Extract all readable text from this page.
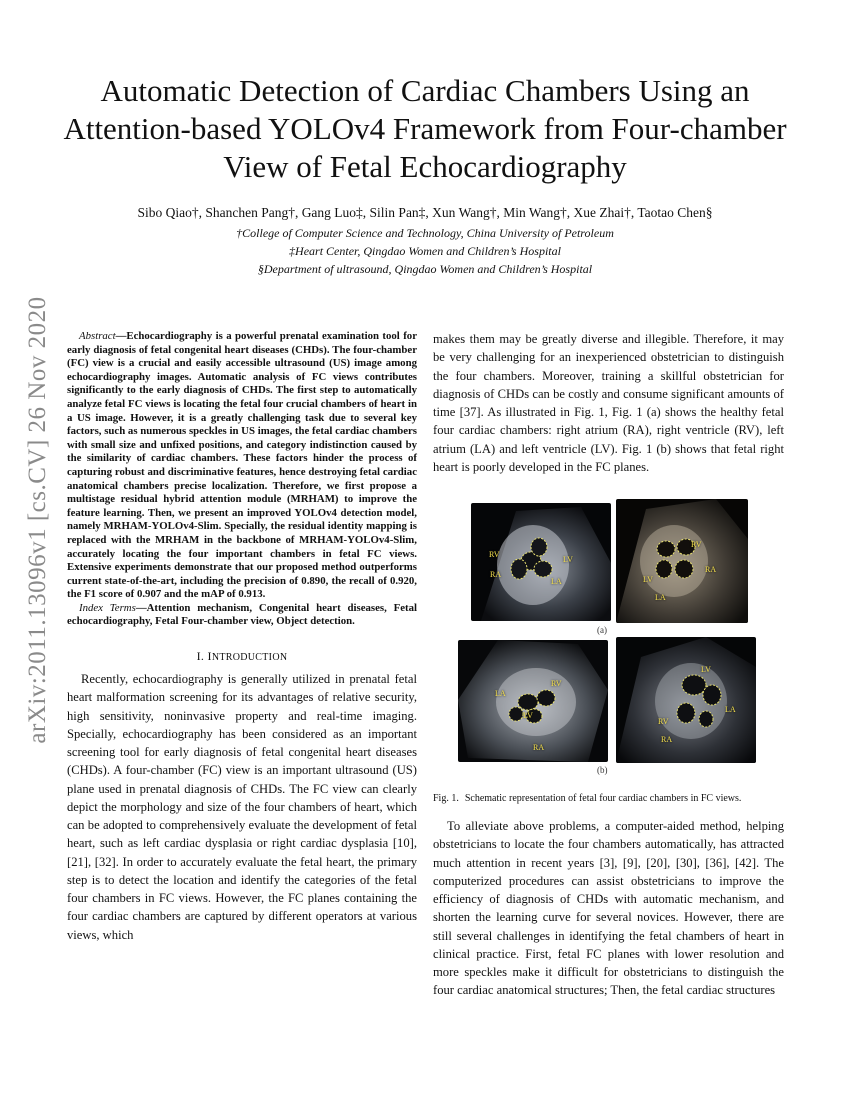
arXiv:2011.13096v1 [cs.CV] 26 Nov 2020
Automatic Detection of Cardiac Chambers Using an Attention-based YOLOv4 Framework from Four-chamber View of Fetal Echocardiography
Sibo Qiao†, Shanchen Pang†, Gang Luo‡, Silin Pan‡, Xun Wang†, Min Wang†, Xue Zhai†, Taotao Chen§
†College of Computer Science and Technology, China University of Petroleum
‡Heart Center, Qingdao Women and Children’s Hospital
§Department of ultrasound, Qingdao Women and Children’s Hospital

Abstract—Echocardiography is a powerful prenatal examination tool for early diagnosis of fetal congenital heart diseases (CHDs). The four-chamber (FC) view is a crucial and easily accessible ultrasound (US) image among echocardiography images. Automatic analysis of FC views contributes significantly to the early diagnosis of CHDs. The first step to automatically analyze fetal FC views is locating the fetal four crucial chambers of heart in a US image. However, it is a greatly challenging task due to several key factors, such as numerous speckles in US images, the fetal cardiac chambers with small size and unfixed positions, and category indistinction caused by the similarity of cardiac chambers. These factors hinder the process of capturing robust and discriminative features, hence destroying fetal cardiac anatomical chambers precise localization. Therefore, we first propose a multistage residual hybrid attention module (MRHAM) to improve the feature learning. Then, we present an improved YOLOv4 detection model, namely MRHAM-YOLOv4-Slim. Specially, the residual identity mapping is replaced with the MRHAM in the backbone of MRHAM-YOLOv4-Slim, accurately locating the four important chambers in fetal FC views. Extensive experiments demonstrate that our proposed method outperforms current state-of-the-art, including the precision of 0.890, the recall of 0.920, the F1 score of 0.907 and the mAP of 0.913.

Index Terms—Attention mechanism, Congenital heart diseases, Fetal echocardiography, Fetal Four-chamber view, Object detection.

I. INTRODUCTION

Recently, echocardiography is generally utilized in prenatal fetal heart malformation screening for its advantages of relative security, high sensitivity, noninvasive property and real-time imaging. Specially, echocardiography has been considered as an important screening tool for early diagnosis of fetal congenital heart diseases (CHDs). A four-chamber (FC) view is an important ultrasound (US) plane used in prenatal diagnosis of CHDs. The FC view can clearly depict the morphology and size of the four chambers of heart, which can be adopted to comprehensively evaluate the development of fetal heart, such as left cardiac dysplasia or right cardiac dysplasia [10], [21], [32]. In order to accurately evaluate the fetal heart, the primary step is to detect the location and identify the categories of the fetal four chambers in FC views. However, the FC planes containing the four cardiac chambers are captured by different operators at various views, which

makes them may be greatly diverse and illegible. Therefore, it may be very challenging for an inexperienced obstetrician to distinguish the four chambers. Moreover, training a skillful obstetrician for diagnosis of CHDs can be costly and consume significant amounts of time [37]. As illustrated in Fig. 1, Fig. 1 (a) shows the healthy fetal four cardiac chambers: right atrium (RA), right ventricle (RV), left atrium (LA) and left ventricle (LV). Fig. 1 (b) shows that fetal right heart is poorly developed in the FC planes.

(a)
(b)
RV
RA
LV
LA
RV
LV
RA
LA
RV
LA
LV
RA
LV
RV
RA
LA
Fig. 1. Schematic representation of fetal four cardiac chambers in FC views.

To alleviate above problems, a computer-aided method, helping obstetricians to locate the four chambers automatically, has attracted much attention in recent years [3], [9], [20], [30], [36], [42]. The computerized procedures can assist obstetricians to improve the efficiency of diagnosis of CHDs with automatic mechanism, and shorten the learning curve for several novices. However, there are still several challenges in identifying the fetal chambers of heart in clinical practice. First, fetal FC planes with lower resolution and more speckles make it difficult for obstetricians to distinguish the four cardiac anatomical structures; Then, the fetal cardiac structures
